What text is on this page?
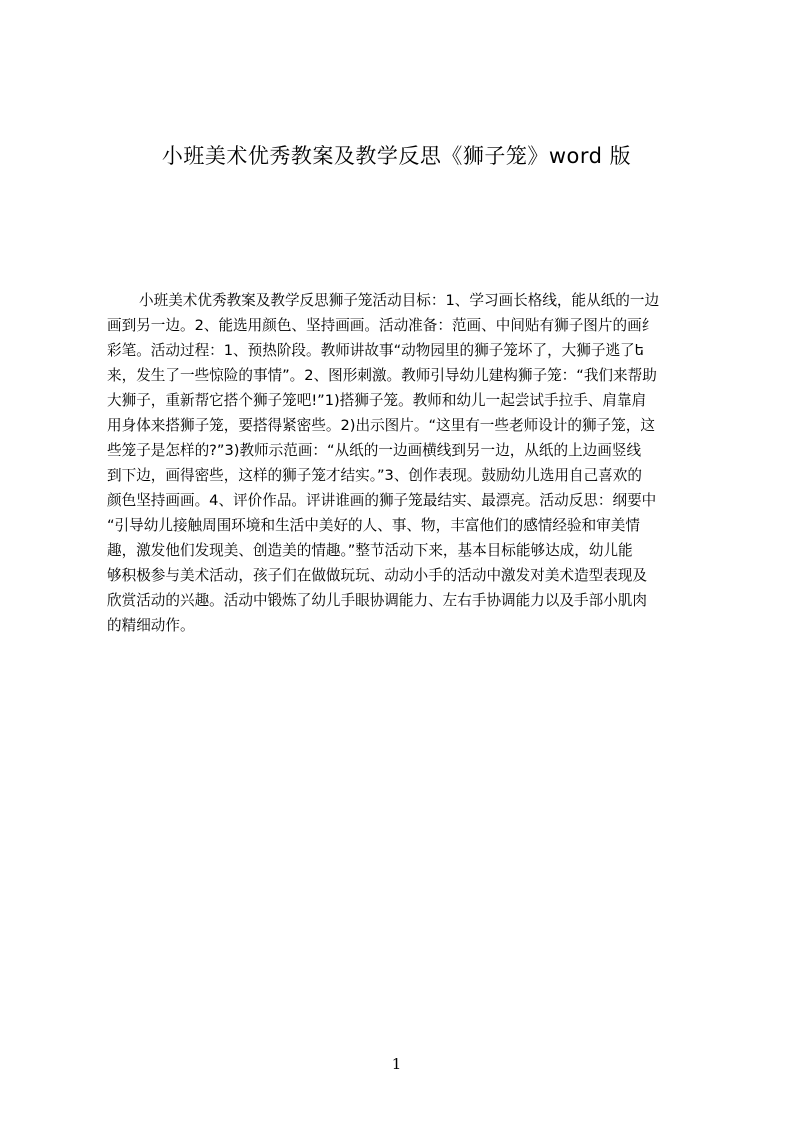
小班美术优秀教案及教学反思《狮子笼》word 版
小班美术优秀教案及教学反思狮子笼活动目标：1、学习画长格线，能从纸的一边
画到另一边。2、能选用颜色、坚持画画。活动准备：范画、中间贴有狮子图片的画纟
彩笔。活动过程：1、预热阶段。教师讲故事“动物园里的狮子笼坏了，大狮子逃了ե
来，发生了一些惊险的事情”。2、图形刺激。教师引导幼儿建构狮子笼：“我们来帮助
大狮子，重新帮它搭个狮子笼吧!”1)搭狮子笼。教师和幼儿一起尝试手拉手、肩靠肩
用身体来搭狮子笼，要搭得紧密些。2)出示图片。“这里有一些老师设计的狮子笼，这
些笼子是怎样的?”3)教师示范画：“从纸的一边画横线到另一边，从纸的上边画竖线
到下边，画得密些，这样的狮子笼才结实。”3、创作表现。鼓励幼儿选用自己喜欢的
颜色坚持画画。4、评价作品。评讲谁画的狮子笼最结实、最漂亮。活动反思：纲要中
“引导幼儿接触周围环境和生活中美好的人、事、物，丰富他们的感情经验和审美情
趣，激发他们发现美、创造美的情趣。”整节活动下来，基本目标能够达成，幼儿能
够积极参与美术活动，孩子们在做做玩玩、动动小手的活动中激发对美术造型表现及
欣赏活动的兴趣。活动中锻炼了幼儿手眼协调能力、左右手协调能力以及手部小肌肉
的精细动作。
1
